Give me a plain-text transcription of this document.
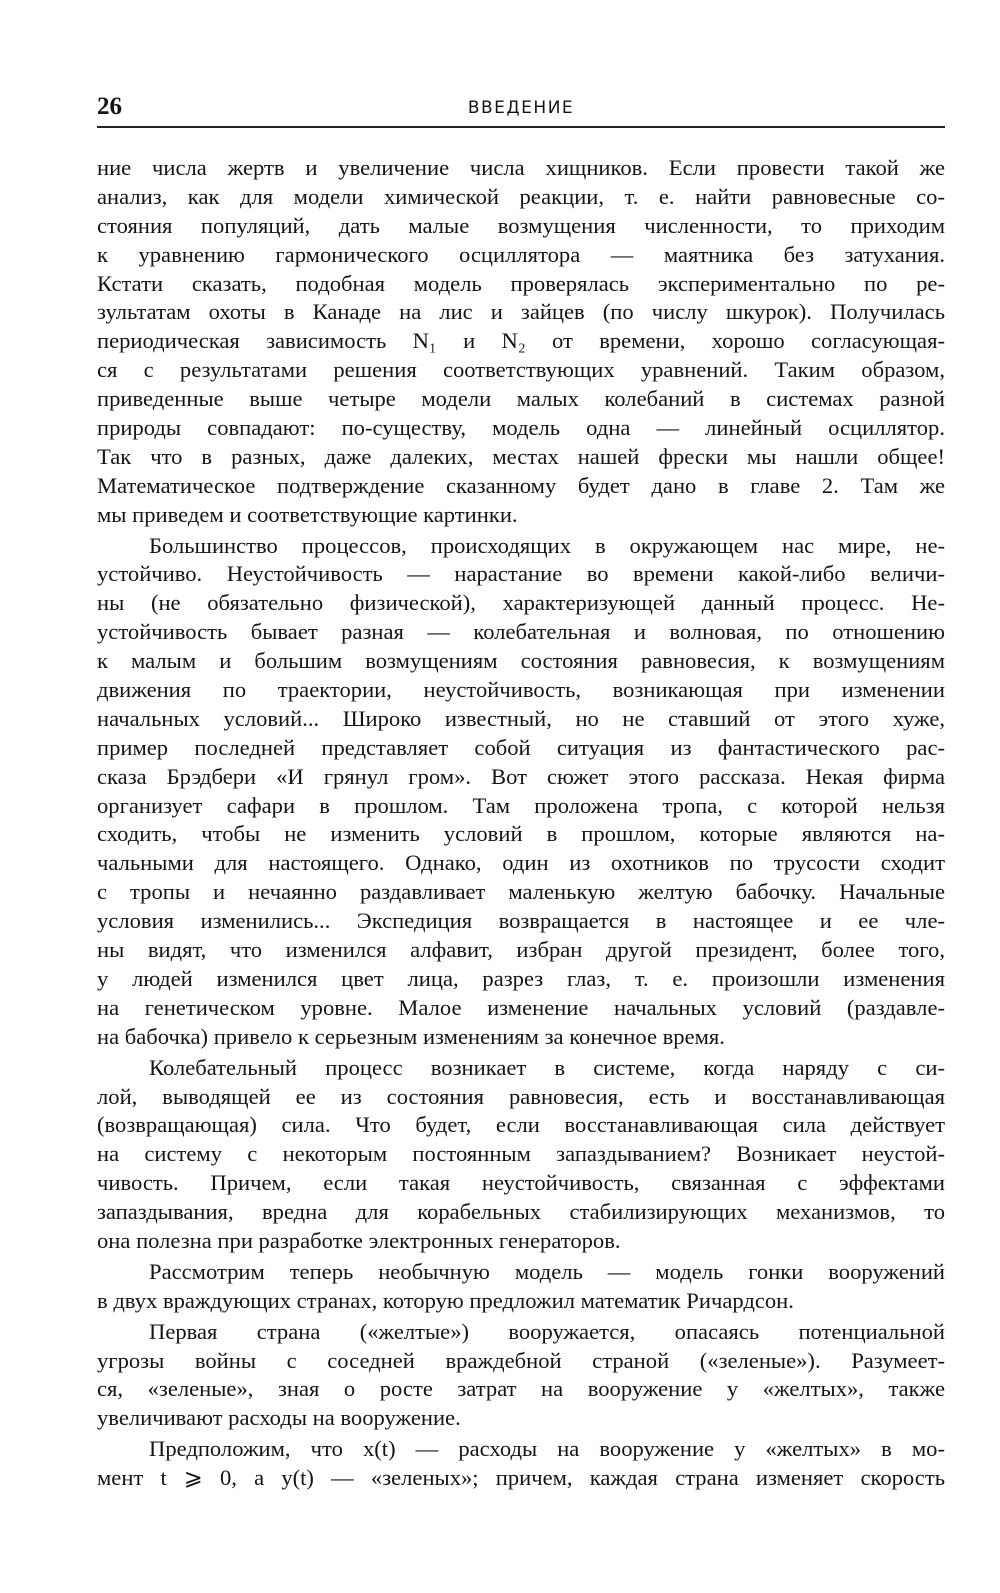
26	ВВЕДЕНИЕ
ние числа жертв и увеличение числа хищников. Если провести такой же
анализ, как для модели химической реакции, т. е. найти равновесные со-
стояния популяций, дать малые возмущения численности, то приходим
к уравнению гармонического осциллятора — маятника без затухания.
Кстати сказать, подобная модель проверялась экспериментально по ре-
зультатам охоты в Канаде на лис и зайцев (по числу шкурок). Получилась
периодическая зависимость N₁ и N₂ от времени, хорошо согласующая-
ся с результатами решения соответствующих уравнений. Таким образом,
приведенные выше четыре модели малых колебаний в системах разной
природы совпадают: по-существу, модель одна — линейный осциллятор.
Так что в разных, даже далеких, местах нашей фрески мы нашли общее!
Математическое подтверждение сказанному будет дано в главе 2. Там же
мы приведем и соответствующие картинки.
Большинство процессов, происходящих в окружающем нас мире, не-
устойчиво. Неустойчивость — нарастание во времени какой-либо величи-
ны (не обязательно физической), характеризующей данный процесс. Не-
устойчивость бывает разная — колебательная и волновая, по отношению
к малым и большим возмущениям состояния равновесия, к возмущениям
движения по траектории, неустойчивость, возникающая при изменении
начальных условий... Широко известный, но не ставший от этого хуже,
пример последней представляет собой ситуация из фантастического рас-
сказа Брэдбери «И грянул гром». Вот сюжет этого рассказа. Некая фирма
организует сафари в прошлом. Там проложена тропа, с которой нельзя
сходить, чтобы не изменить условий в прошлом, которые являются на-
чальными для настоящего. Однако, один из охотников по трусости сходит
с тропы и нечаянно раздавливает маленькую желтую бабочку. Начальные
условия изменились... Экспедиция возвращается в настоящее и ее чле-
ны видят, что изменился алфавит, избран другой президент, более того,
у людей изменился цвет лица, разрез глаз, т. е. произошли изменения
на генетическом уровне. Малое изменение начальных условий (раздавле-
на бабочка) привело к серьезным изменениям за конечное время.
Колебательный процесс возникает в системе, когда наряду с си-
лой, выводящей ее из состояния равновесия, есть и восстанавливающая
(возвращающая) сила. Что будет, если восстанавливающая сила действует
на систему с некоторым постоянным запаздыванием? Возникает неустой-
чивость. Причем, если такая неустойчивость, связанная с эффектами
запаздывания, вредна для корабельных стабилизирующих механизмов, то
она полезна при разработке электронных генераторов.
Рассмотрим теперь необычную модель — модель гонки вооружений
в двух враждующих странах, которую предложил математик Ричардсон.
Первая страна («желтые») вооружается, опасаясь потенциальной
угрозы войны с соседней враждебной страной («зеленые»). Разумеет-
ся, «зеленые», зная о росте затрат на вооружение у «желтых», также
увеличивают расходы на вооружение.
Предположим, что x(t) — расходы на вооружение у «желтых» в мо-
мент t ⩾ 0, а y(t) — «зеленых»; причем, каждая страна изменяет скорость
